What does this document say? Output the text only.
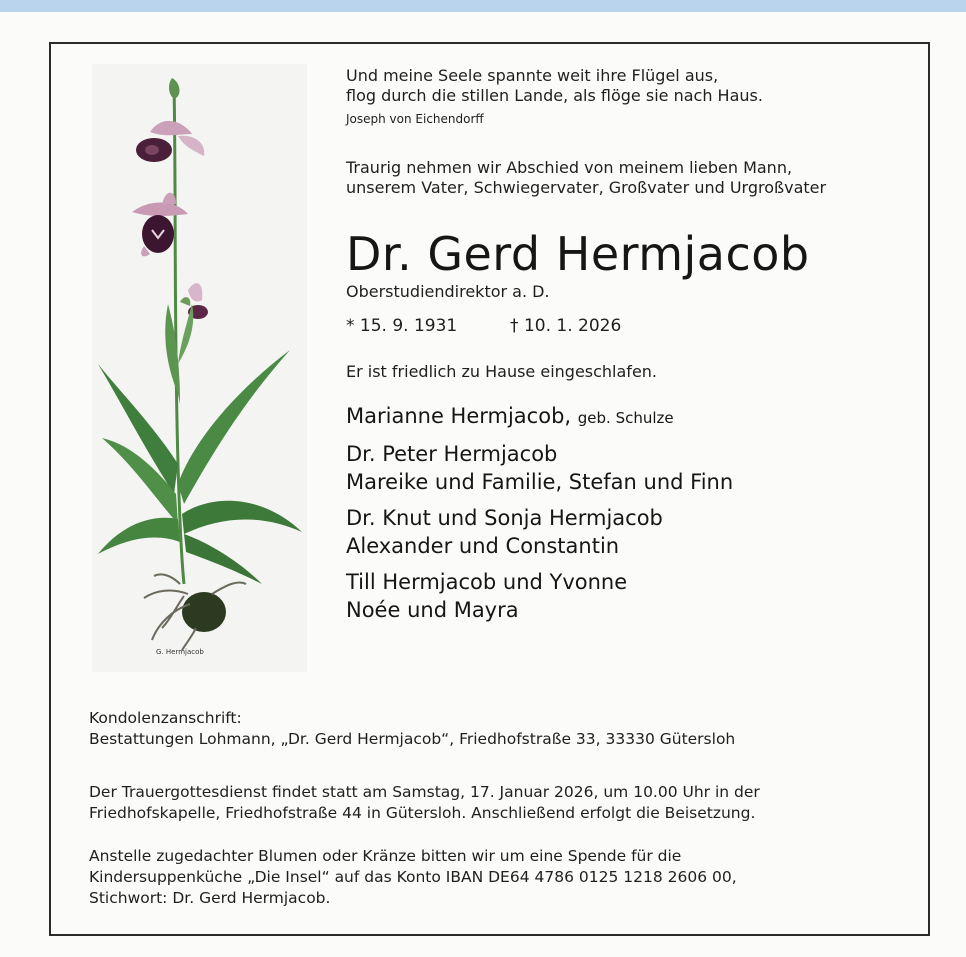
G. Hermjacob

Und meine Seele spannte weit ihre Flügel aus,

flog durch die stillen Lande, als flöge sie nach Haus.

Joseph von Eichendorff

Traurig nehmen wir Abschied von meinem lieben Mann,

unserem Vater, Schwiegervater, Großvater und Urgroßvater

Dr. Gerd Hermjacob

Oberstudiendirektor a. D.

* 15. 9. 1931	† 10. 1. 2026

Er ist friedlich zu Hause eingeschlafen.

Marianne Hermjacob, geb. Schulze

Dr. Peter Hermjacob

Mareike und Familie, Stefan und Finn

Dr. Knut und Sonja Hermjacob

Alexander und Constantin

Till Hermjacob und Yvonne

Noée und Mayra

Kondolenzanschrift:

Bestattungen Lohmann, „Dr. Gerd Hermjacob“, Friedhofstraße 33, 33330 Gütersloh

Der Trauergottesdienst findet statt am Samstag, 17. Januar 2026, um 10.00 Uhr in der

Friedhofskapelle, Friedhofstraße 44 in Gütersloh. Anschließend erfolgt die Beisetzung.

Anstelle zugedachter Blumen oder Kränze bitten wir um eine Spende für die

Kindersuppenküche „Die Insel“ auf das Konto IBAN DE64 4786 0125 1218 2606 00,

Stichwort: Dr. Gerd Hermjacob.
